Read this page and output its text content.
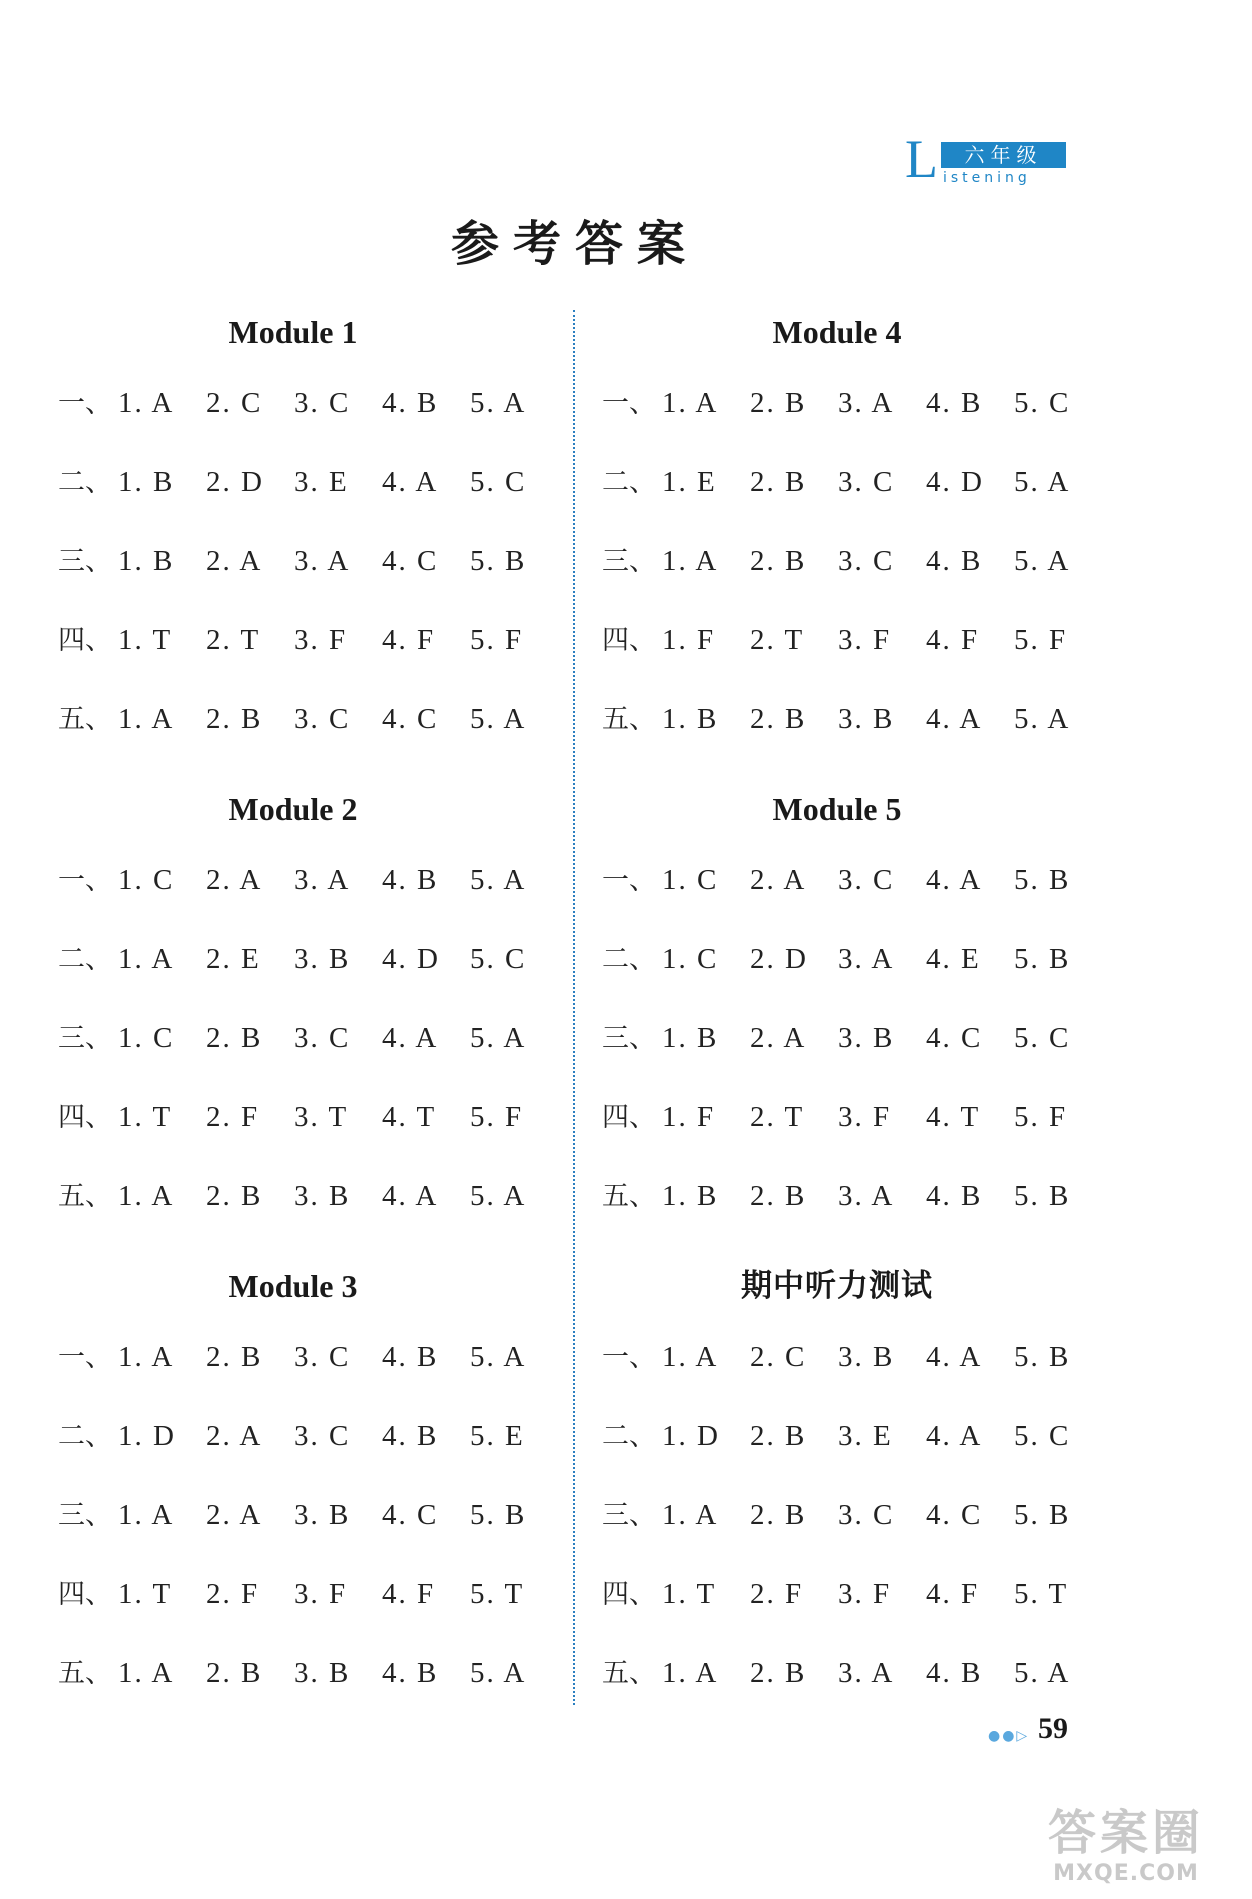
L	六年级
istening
参考答案
Module 1
一、 1. A	2. C	3. C	4. B	5. A
二、 1. B	2. D	3. E	4. A	5. C
三、 1. B	2. A	3. A	4. C	5. B
四、 1. T	2. T	3. F	4. F	5. F
五、 1. A	2. B	3. C	4. C	5. A
Module 2
一、 1. C	2. A	3. A	4. B	5. A
二、 1. A	2. E	3. B	4. D	5. C
三、 1. C	2. B	3. C	4. A	5. A
四、 1. T	2. F	3. T	4. T	5. F
五、 1. A	2. B	3. B	4. A	5. A
Module 3
一、 1. A	2. B	3. C	4. B	5. A
二、 1. D	2. A	3. C	4. B	5. E
三、 1. A	2. A	3. B	4. C	5. B
四、 1. T	2. F	3. F	4. F	5. T
五、 1. A	2. B	3. B	4. B	5. A
Module 4
一、 1. A	2. B	3. A	4. B	5. C
二、 1. E	2. B	3. C	4. D	5. A
三、 1. A	2. B	3. C	4. B	5. A
四、 1. F	2. T	3. F	4. F	5. F
五、 1. B	2. B	3. B	4. A	5. A
Module 5
一、 1. C	2. A	3. C	4. A	5. B
二、 1. C	2. D	3. A	4. E	5. B
三、 1. B	2. A	3. B	4. C	5. C
四、 1. F	2. T	3. F	4. T	5. F
五、 1. B	2. B	3. A	4. B	5. B
期中听力测试
一、 1. A	2. C	3. B	4. A	5. B
二、 1. D	2. B	3. E	4. A	5. C
三、 1. A	2. B	3. C	4. C	5. B
四、 1. T	2. F	3. F	4. F	5. T
五、 1. A	2. B	3. A	4. B	5. A
●●▷ 59
答案圈
MXQE.COM
